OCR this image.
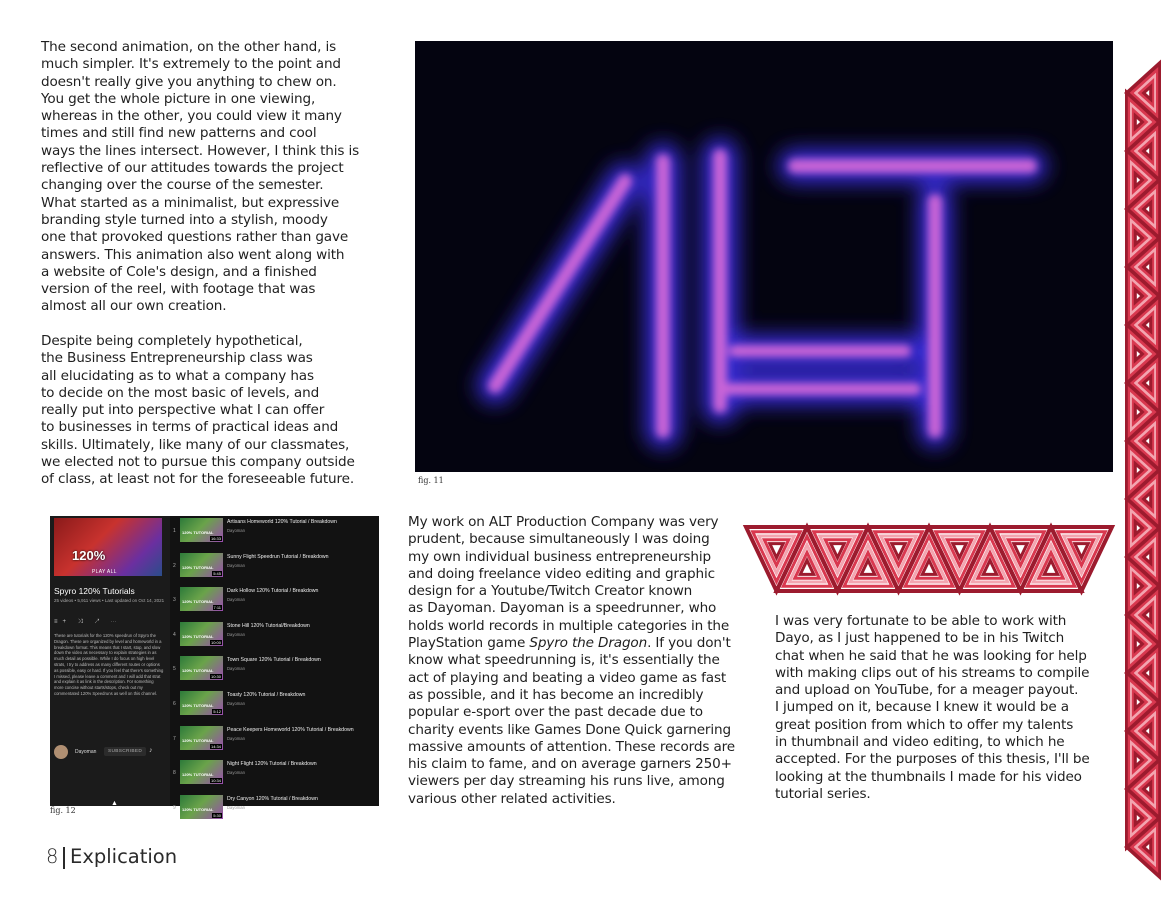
The second animation, on the other hand, is
much simpler. It's extremely to the point and
doesn't really give you anything to chew on.
You get the whole picture in one viewing,
whereas in the other, you could view it many
times and still find new patterns and cool
ways the lines intersect. However, I think this is
reflective of our attitudes towards the project
changing over the course of the semester.
What started as a minimalist, but expressive
branding style turned into a stylish, moody
one that provoked questions rather than gave
answers. This animation also went along with
a website of Cole's design, and a finished
version of the reel, with footage that was
almost all our own creation.

Despite being completely hypothetical,
the Business Entrepreneurship class was
all elucidating as to what a company has
to decide on the most basic of levels, and
really put into perspective what I can offer
to businesses in terms of practical ideas and
skills. Ultimately, like many of our classmates,
we elected not to pursue this company outside
of class, at least not for the foreseeable future.	fig. 11
120%
PLAY ALL
Spyro 120% Tutorials
25 videos • 5,911 views • Last updated on Oct 14, 2021
≡+ ⤨ ↗ ⋯
These are tutorials for the 120% speedrun of Spyro the Dragon. These are organized by level and homeworld in a breakdown format. This means that I start, stop, and slow down the video as necessary to explain strategies in as much detail as possible. While I do focus on high level strats, I try to address as many different routes or options as possible, easy or hard. If you feel that there's something I missed, please leave a comment and I will add that strat and explain it as link in the description. For something more concise without starts/stops, check out my commentated 120% Speedruns as well on this channel.
Dayoman	SUBSCRIBED ♪
▲
1 120% TUTORIAL
16:33
Artisans Homeworld 120% Tutorial / Breakdown
Dayoman
2 120% TUTORIAL
5:45
Sunny Flight Speedrun Tutorial / Breakdown
Dayoman
3 120% TUTORIAL
7:11
Dark Hollow 120% Tutorial / Breakdown
Dayoman
4 120% TUTORIAL
10:00
Stone Hill 120% Tutorial/Breakdown
Dayoman
5 120% TUTORIAL
10:30
Town Square 120% Tutorial / Breakdown
Dayoman
6 120% TUTORIAL
5:12
Toasty 120% Tutorial / Breakdown
Dayoman
7 120% TUTORIAL
14:34
Peace Keepers Homeworld 120% Tutorial / Breakdown
Dayoman
8 120% TUTORIAL
10:34
Night Flight 120% Tutorial / Breakdown
Dayoman
9 120% TUTORIAL
5:30
Dry Canyon 120% Tutorial / Breakdown
Dayoman
fig. 12

My work on ALT Production Company was very
prudent, because simultaneously I was doing
my own individual business entrepreneurship
and doing freelance video editing and graphic
design for a Youtube/Twitch Creator known
as Dayoman. Dayoman is a speedrunner, who
holds world records in multiple categories in the
PlayStation game Spyro the Dragon. If you don't
know what speedrunning is, it's essentially the
act of playing and beating a video game as fast
as possible, and it has become an incredibly
popular e-sport over the past decade due to
charity events like Games Done Quick garnering
massive amounts of attention. These records are
his claim to fame, and on average garners 250+
viewers per day streaming his runs live, among
various other related activities.

I was very fortunate to be able to work with
Dayo, as I just happened to be in his Twitch
chat when he said that he was looking for help
with making clips out of his streams to compile
and upload on YouTube, for a meager payout.
I jumped on it, because I knew it would be a
great position from which to offer my talents
in thumbnail and video editing, to which he
accepted. For the purposes of this thesis, I'll be
looking at the thumbnails I made for his video
tutorial series.

8 Explication
